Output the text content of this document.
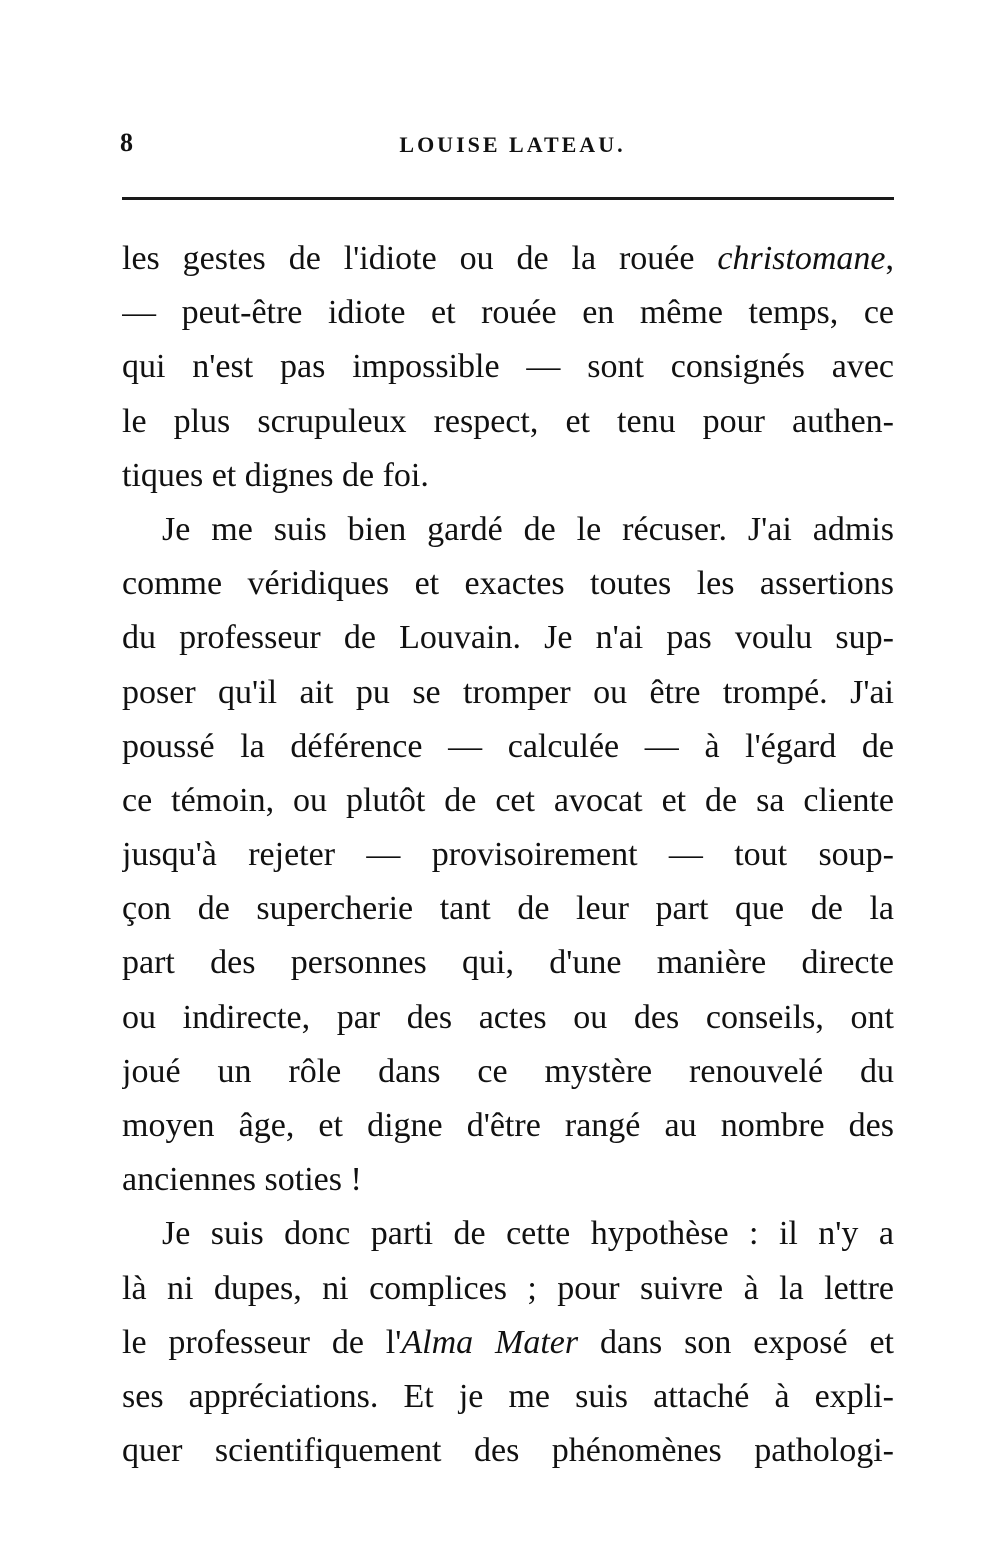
8	LOUISE LATEAU.
les gestes de l'idiote ou de la rouée christomane,
— peut-être idiote et rouée en même temps, ce
qui n'est pas impossible — sont consignés avec
le plus scrupuleux respect, et tenu pour authen-
tiques et dignes de foi.
Je me suis bien gardé de le récuser. J'ai admis
comme véridiques et exactes toutes les assertions
du professeur de Louvain. Je n'ai pas voulu sup-
poser qu'il ait pu se tromper ou être trompé. J'ai
poussé la déférence — calculée — à l'égard de
ce témoin, ou plutôt de cet avocat et de sa cliente
jusqu'à rejeter — provisoirement — tout soup-
çon de supercherie tant de leur part que de la
part des personnes qui, d'une manière directe
ou indirecte, par des actes ou des conseils, ont
joué un rôle dans ce mystère renouvelé du
moyen âge, et digne d'être rangé au nombre des
anciennes soties !
Je suis donc parti de cette hypothèse : il n'y a
là ni dupes, ni complices ; pour suivre à la lettre
le professeur de l'Alma Mater dans son exposé et
ses appréciations. Et je me suis attaché à expli-
quer scientifiquement des phénomènes pathologi-
